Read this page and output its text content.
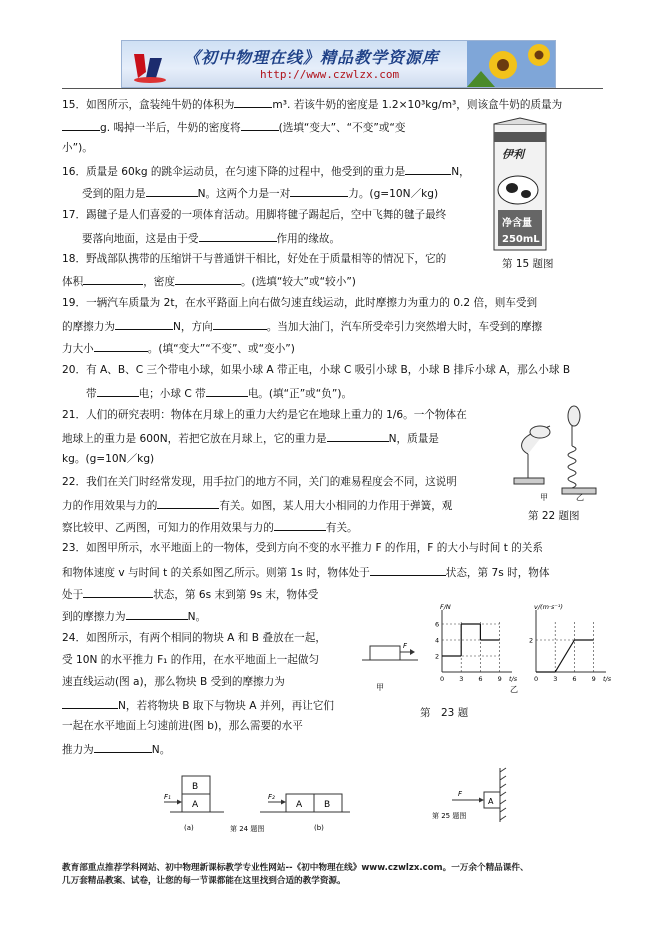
《初中物理在线》精品教学资源库
http://www.czwlzx.com
15．如图所示，盒装纯牛奶的体积为	m³. 若该牛奶的密度是 1.2×10³kg/m³，则该盒牛奶的质量为
g. 喝掉一半后，牛奶的密度将	(选填“变大”、“不变”或“变
小”)。	伊利
净含量
250mL
第 15 题图
16．质量是 60kg 的跳伞运动员，在匀速下降的过程中，他受到的重力是	N，
受到的阻力是	N。这两个力是一对	力。(g=10N／kg)
17．踢毽子是人们喜爱的一项体育活动。用脚将毽子踢起后，空中飞舞的毽子最终
要落向地面，这是由于受	作用的缘故。
18．野战部队携带的压缩饼干与普通饼干相比，好处在于质量相等的情况下，它的
体积	，密度	。(选填“较大”或“较小”)
19．一辆汽车质量为 2t，在水平路面上向右做匀速直线运动，此时摩擦力为重力的 0.2 倍，则车受到
的摩擦力为	N，方向	。当加大油门，汽车所受牵引力突然增大时，车受到的摩擦
力大小	。(填“变大”“不变”、或“变小”)
20．有 A、B、C 三个带电小球，如果小球 A 带正电，小球 C 吸引小球 B，小球 B 排斥小球 A，那么小球 B
带	电；小球 C 带	电。(填“正”或“负”)。
21．人们的研究表明：物体在月球上的重力大约是它在地球上重力的 1/6。一个物体在
地球上的重力是 600N，若把它放在月球上，它的重力是	N，质量是
kg。(g=10N／kg)
甲	乙
第 22 题图
22．我们在关门时经常发现，用手拉门的地方不同，关门的难易程度会不同，这说明
力的作用效果与力的	有关。如图，某人用大小相同的力作用于弹簧，观
察比较甲、乙两图，可知力的作用效果与力的	有关。
23．如图甲所示，水平地面上的一物体，受到方向不变的水平推力 F 的作用，F 的大小与时间 t 的关系
和物体速度 v 与时间 t 的关系如图乙所示。则第 1s 时，物体处于	状态，第 7s 时，物体
处于	状态，第 6s 末到第 9s 末，物体受
到的摩擦力为	N。
F
甲
F/N
t/s
0 3 6 9
2
4
6
v/(m·s⁻¹)
t/s
0 3 6 9
2
乙
第　23 题
24．如图所示，有两个相同的物块 A 和 B 叠放在一起，
受 10N 的水平推力 F₁ 的作用，在水平地面上一起做匀
速直线运动(图 a)，那么物块 B 受到的摩擦力为
N，若将物块 B 取下与物块 A 并列，再让它们
一起在水平地面上匀速前进(图 b)，那么需要的水平
推力为	N。
A
B
F₁
A B
F₂
(a)	第 24 题图	(b)
A
F
第 25 题图
教育部重点推荐学科网站、初中物理新课标教学专业性网站--《初中物理在线》www.czwlzx.com。一万余个精品课件、
几万套精品教案、试卷，让您的每一节课都能在这里找到合适的教学资源。
